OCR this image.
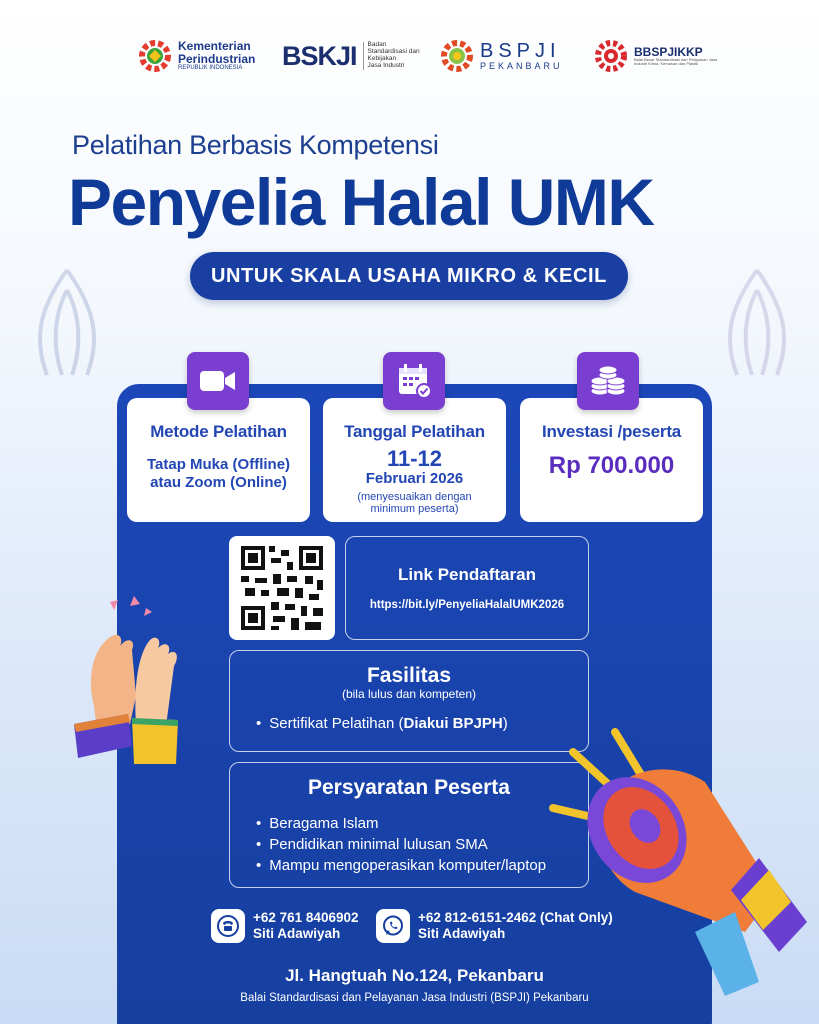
Kementerian
Perindustrian
REPUBLIK INDONESIA	BSKJI Badan
Standardisasi dan
Kebijakan
Jasa Industri
BSPJI
PEKANBARU
BBSPJIKKP
Balai Besar Standardisasi dan Pelayanan Jasa
Industri Kimia, Kemasan dan Plastik
Pelatihan Berbasis Kompetensi
Penyelia Halal UMK
UNTUK SKALA USAHA MIKRO & KECIL
Metode Pelatihan
Tatap Muka (Offline)
atau Zoom (Online)
Tanggal Pelatihan
11-12
Februari 2026
(menyesuaikan dengan
minimum peserta)
Investasi /peserta
Rp 700.000
Link Pendaftaran
https://bit.ly/PenyeliaHalalUMK2026
Fasilitas
(bila lulus dan kompeten)
• Sertifikat Pelatihan (Diakui BPJPH)
Persyaratan Peserta
• Beragama Islam
• Pendidikan minimal lulusan SMA
• Mampu mengoperasikan komputer/laptop
+62 761 8406902
Siti Adawiyah
+62 812-6151-2462 (Chat Only)
Siti Adawiyah
Jl. Hangtuah No.124, Pekanbaru
Balai Standardisasi dan Pelayanan Jasa Industri (BSPJI) Pekanbaru
